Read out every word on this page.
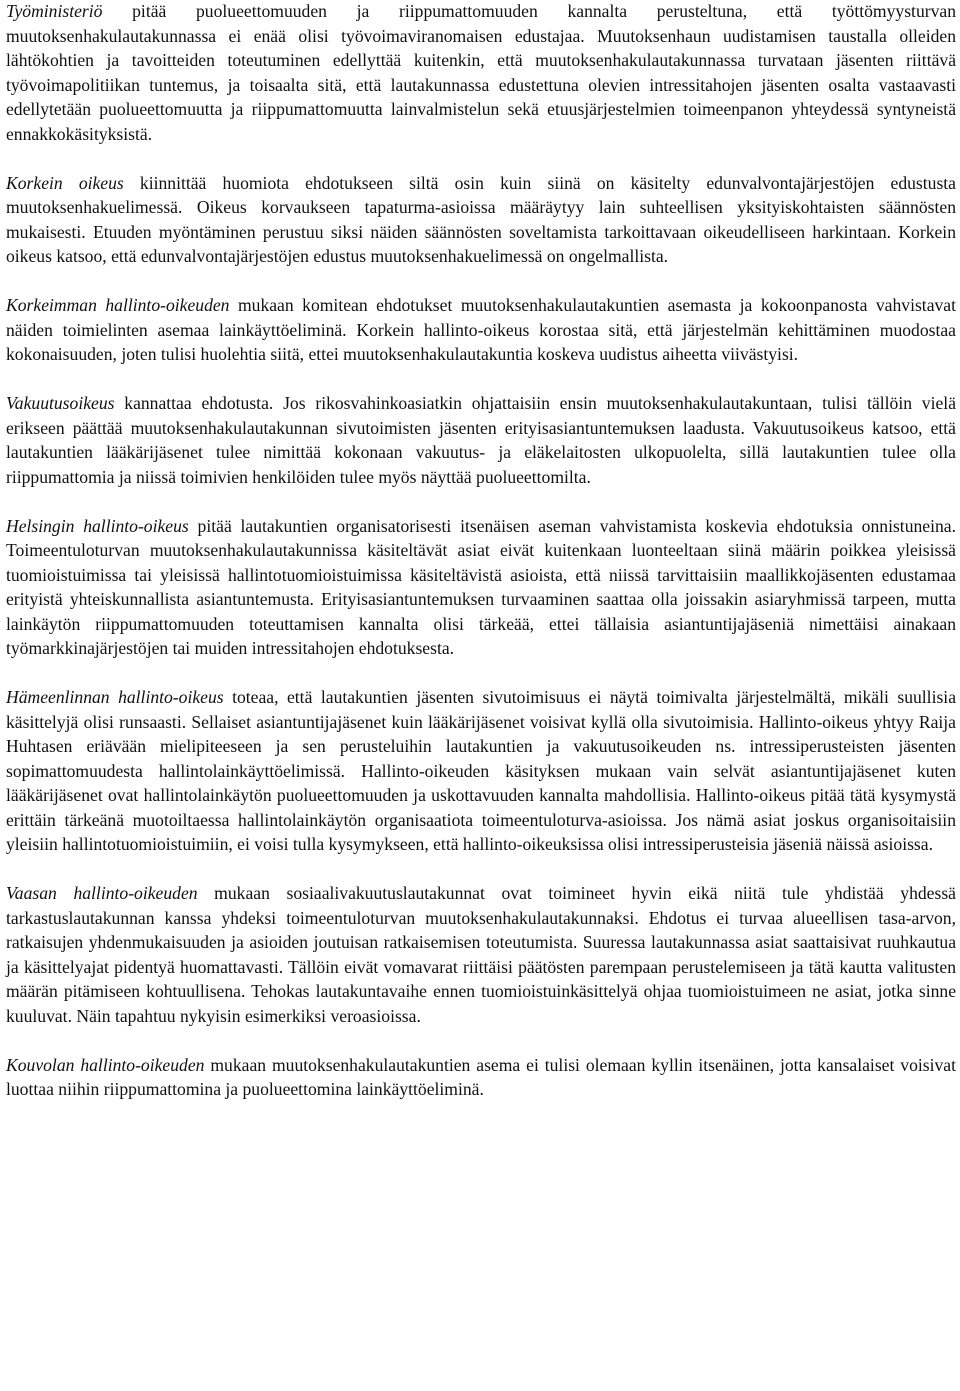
Työministeriö pitää puolueettomuuden ja riippumattomuuden kannalta perusteltuna, että työttömyysturvan muutoksenhakulautakunnassa ei enää olisi työvoimaviranomaisen edustajaa. Muutoksenhaun uudistamisen taustalla olleiden lähtökohtien ja tavoitteiden toteutuminen edellyttää kuitenkin, että muutoksenhakulautakunnassa turvataan jäsenten riittävä työvoimapolitiikan tuntemus, ja toisaalta sitä, että lautakunnassa edustettuna olevien intressitahojen jäsenten osalta vastaavasti edellytetään puolueettomuutta ja riippumattomuutta lainvalmistelun sekä etuusjärjestelmien toimeenpanon yhteydessä syntyneistä ennakkokäsityksistä.

Korkein oikeus kiinnittää huomiota ehdotukseen siltä osin kuin siinä on käsitelty edunvalvontajärjestöjen edustusta muutoksenhakuelimessä. Oikeus korvaukseen tapaturma-asioissa määräytyy lain suhteellisen yksityiskohtaisten säännösten mukaisesti. Etuuden myöntäminen perustuu siksi näiden säännösten soveltamista tarkoittavaan oikeudelliseen harkintaan. Korkein oikeus katsoo, että edunvalvontajärjestöjen edustus muutoksenhakuelimessä on ongelmallista.

Korkeimman hallinto-oikeuden mukaan komitean ehdotukset muutoksenhakulautakuntien asemasta ja kokoonpanosta vahvistavat näiden toimielinten asemaa lainkäyttöeliminä. Korkein hallinto-oikeus korostaa sitä, että järjestelmän kehittäminen muodostaa kokonaisuuden, joten tulisi huolehtia siitä, ettei muutoksenhakulautakuntia koskeva uudistus aiheetta viivästyisi.

Vakuutusoikeus kannattaa ehdotusta. Jos rikosvahinkoasiatkin ohjattaisiin ensin muutoksenhakulautakuntaan, tulisi tällöin vielä erikseen päättää muutoksenhakulautakunnan sivutoimisten jäsenten erityisasiantuntemuksen laadusta. Vakuutusoikeus katsoo, että lautakuntien lääkärijäsenet tulee nimittää kokonaan vakuutus- ja eläkelaitosten ulkopuolelta, sillä lautakuntien tulee olla riippumattomia ja niissä toimivien henkilöiden tulee myös näyttää puolueettomilta.

Helsingin hallinto-oikeus pitää lautakuntien organisatorisesti itsenäisen aseman vahvistamista koskevia ehdotuksia onnistuneina. Toimeentuloturvan muutoksenhakulautakunnissa käsiteltävät asiat eivät kuitenkaan luonteeltaan siinä määrin poikkea yleisissä tuomioistuimissa tai yleisissä hallintotuomioistuimissa käsiteltävistä asioista, että niissä tarvittaisiin maallikkojäsenten edustamaa erityistä yhteiskunnallista asiantuntemusta. Erityisasiantuntemuksen turvaaminen saattaa olla joissakin asiaryhmissä tarpeen, mutta lainkäytön riippumattomuuden toteuttamisen kannalta olisi tärkeää, ettei tällaisia asiantuntijajäseniä nimettäisi ainakaan työmarkkinajärjestöjen tai muiden intressitahojen ehdotuksesta.

Hämeenlinnan hallinto-oikeus toteaa, että lautakuntien jäsenten sivutoimisuus ei näytä toimivalta järjestelmältä, mikäli suullisia käsittelyjä olisi runsaasti. Sellaiset asiantuntijajäsenet kuin lääkärijäsenet voisivat kyllä olla sivutoimisia. Hallinto-oikeus yhtyy Raija Huhtasen eriävään mielipiteeseen ja sen perusteluihin lautakuntien ja vakuutusoikeuden ns. intressiperusteisten jäsenten sopimattomuudesta hallintolainkäyttöelimissä. Hallinto-oikeuden käsityksen mukaan vain selvät asiantuntijajäsenet kuten lääkärijäsenet ovat hallintolainkäytön puolueettomuuden ja uskottavuuden kannalta mahdollisia. Hallinto-oikeus pitää tätä kysymystä erittäin tärkeänä muotoiltaessa hallintolainkäytön organisaatiota toimeentuloturva-asioissa. Jos nämä asiat joskus organisoitaisiin yleisiin hallintotuomioistuimiin, ei voisi tulla kysymykseen, että hallinto-oikeuksissa olisi intressiperusteisia jäseniä näissä asioissa.

Vaasan hallinto-oikeuden mukaan sosiaalivakuutuslautakunnat ovat toimineet hyvin eikä niitä tule yhdistää yhdessä tarkastuslautakunnan kanssa yhdeksi toimeentuloturvan muutoksenhakulautakunnaksi. Ehdotus ei turvaa alueellisen tasa-arvon, ratkaisujen yhdenmukaisuuden ja asioiden joutuisan ratkaisemisen toteutumista. Suuressa lautakunnassa asiat saattaisivat ruuhkautua ja käsittelyajat pidentyä huomattavasti. Tällöin eivät vomavarat riittäisi päätösten parempaan perustelemiseen ja tätä kautta valitusten määrän pitämiseen kohtuullisena. Tehokas lautakuntavaihe ennen tuomioistuinkäsittelyä ohjaa tuomioistuimeen ne asiat, jotka sinne kuuluvat. Näin tapahtuu nykyisin esimerkiksi veroasioissa.

Kouvolan hallinto-oikeuden mukaan muutoksenhakulautakuntien asema ei tulisi olemaan kyllin itsenäinen, jotta kansalaiset voisivat luottaa niihin riippumattomina ja puolueettomina lainkäyttöeliminä.
